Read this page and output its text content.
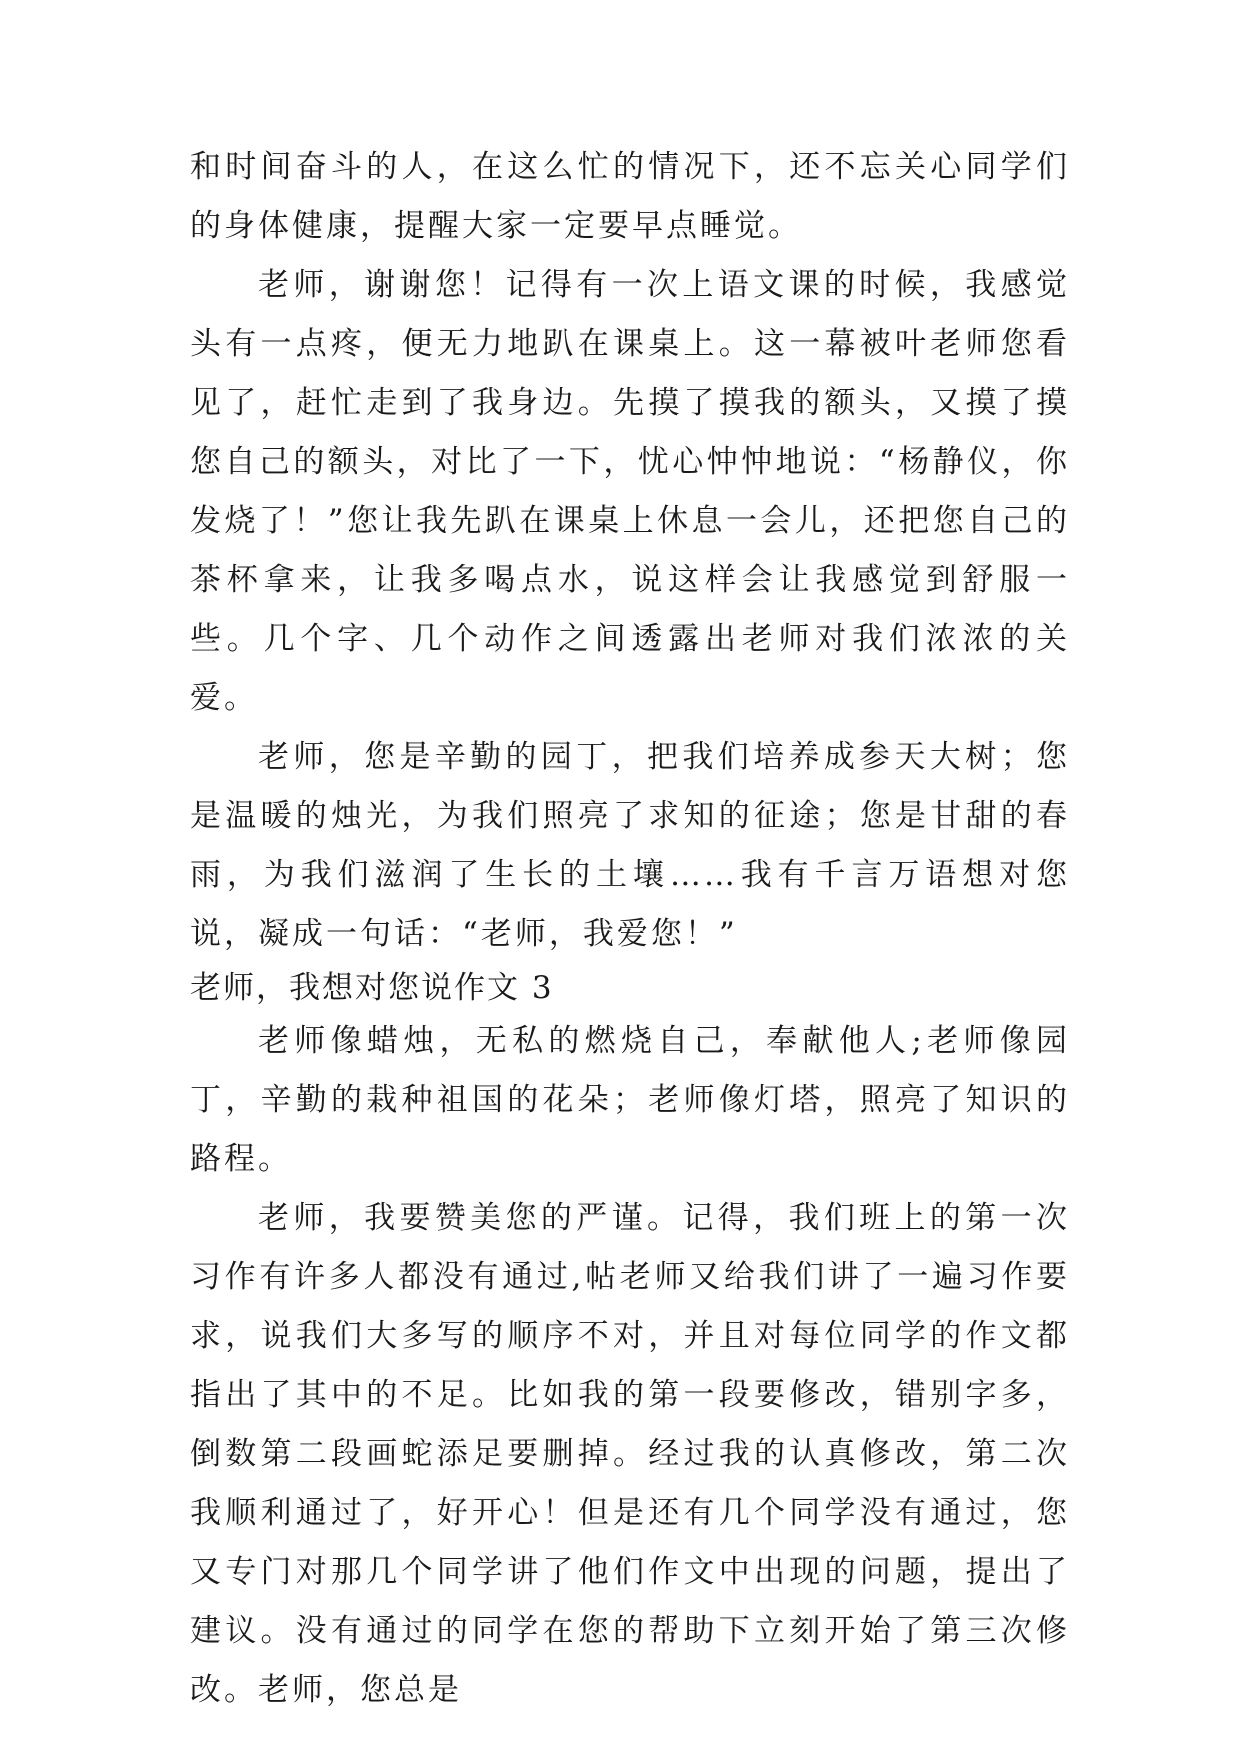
和时间奋斗的人，在这么忙的情况下，还不忘关心同学们的身体健康，提醒大家一定要早点睡觉。

老师，谢谢您！记得有一次上语文课的时候，我感觉头有一点疼，便无力地趴在课桌上。这一幕被叶老师您看见了，赶忙走到了我身边。先摸了摸我的额头，又摸了摸您自己的额头，对比了一下，忧心忡忡地说：“杨静仪，你发烧了！”您让我先趴在课桌上休息一会儿，还把您自己的茶杯拿来，让我多喝点水，说这样会让我感觉到舒服一些。几个字、几个动作之间透露出老师对我们浓浓的关爱。

老师，您是辛勤的园丁，把我们培养成参天大树；您是温暖的烛光，为我们照亮了求知的征途；您是甘甜的春雨，为我们滋润了生长的土壤……我有千言万语想对您说，凝成一句话：“老师，我爱您！”

老师，我想对您说作文 3

老师像蜡烛，无私的燃烧自己，奉献他人;老师像园丁，辛勤的栽种祖国的花朵；老师像灯塔，照亮了知识的路程。

老师，我要赞美您的严谨。记得，我们班上的第一次习作有许多人都没有通过,帖老师又给我们讲了一遍习作要求，说我们大多写的顺序不对，并且对每位同学的作文都指出了其中的不足。比如我的第一段要修改，错别字多，倒数第二段画蛇添足要删掉。经过我的认真修改，第二次我顺利通过了，好开心！但是还有几个同学没有通过，您又专门对那几个同学讲了他们作文中出现的问题，提出了建议。没有通过的同学在您的帮助下立刻开始了第三次修改。老师，您总是
